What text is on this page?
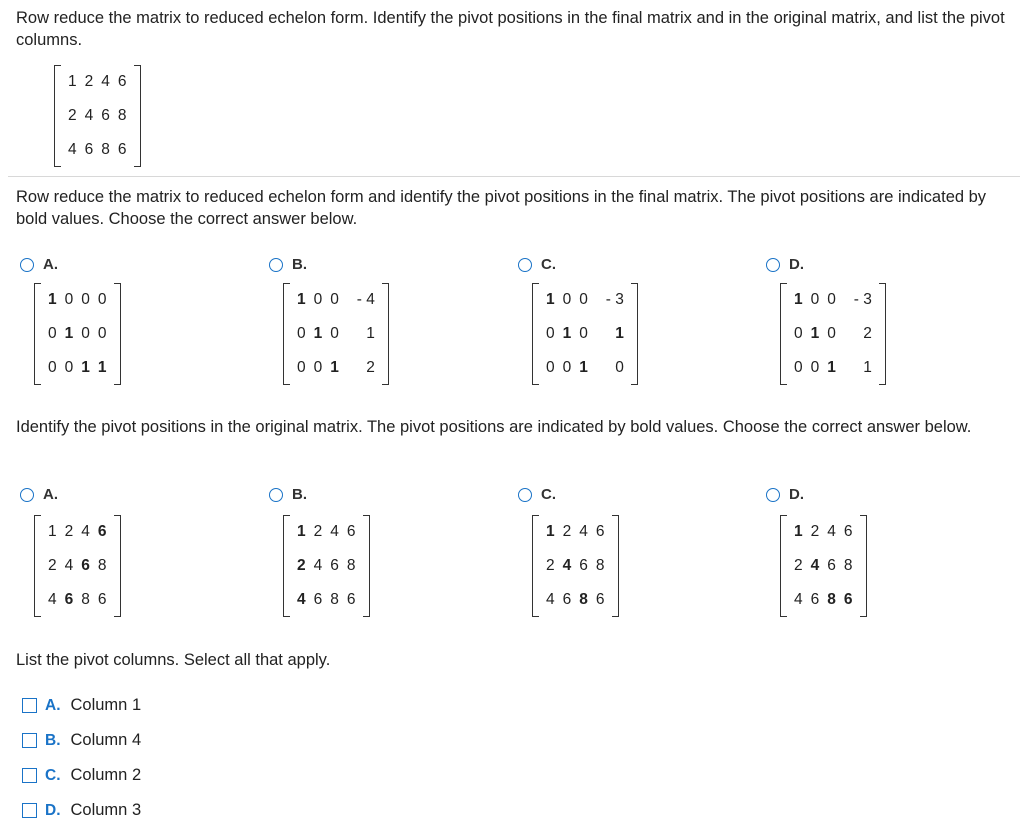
Row reduce the matrix to reduced echelon form. Identify the pivot positions in the final matrix and in the original matrix, and list the pivot columns.
1	2	4	6
2	4	6	8
4	6	8	6
Row reduce the matrix to reduced echelon form and identify the pivot positions in the final matrix. The pivot positions are indicated by bold values. Choose the correct answer below.
A.
1	0	0	0
0	1	0	0
0	0	1	1
B.
1	0	0	- 4
0	1	0	1
0	0	1	2
C.
1	0	0	- 3
0	1	0	1
0	0	1	0
D.
1	0	0	- 3
0	1	0	2
0	0	1	1
Identify the pivot positions in the original matrix. The pivot positions are indicated by bold values. Choose the correct answer below.
A.
1	2	4	6
2	4	6	8
4	6	8	6
B.
1	2	4	6
2	4	6	8
4	6	8	6
C.
1	2	4	6
2	4	6	8
4	6	8	6
D.
1	2	4	6
2	4	6	8
4	6	8	6
List the pivot columns. Select all that apply.
A. Column 1
B. Column 4
C. Column 2
D. Column 3
